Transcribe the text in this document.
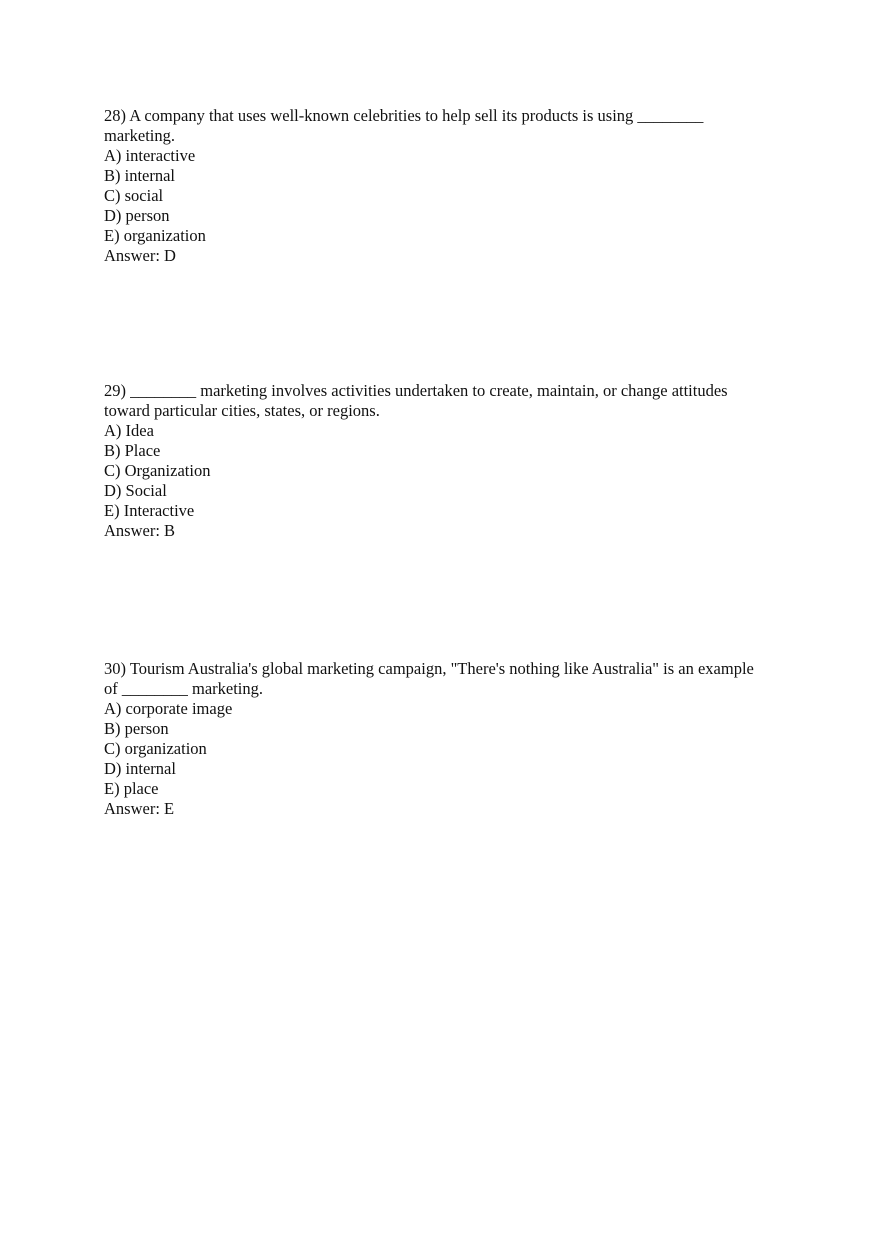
28) A company that uses well-known celebrities to help sell its products is using ________ marketing.

A) interactive
B) internal
C) social
D) person
E) organization

Answer: D

29) ________ marketing involves activities undertaken to create, maintain, or change attitudes toward particular cities, states, or regions.

A) Idea
B) Place
C) Organization
D) Social
E) Interactive

Answer: B

30) Tourism Australia's global marketing campaign, "There's nothing like Australia" is an example of ________ marketing.

A) corporate image
B) person
C) organization
D) internal
E) place

Answer: E
